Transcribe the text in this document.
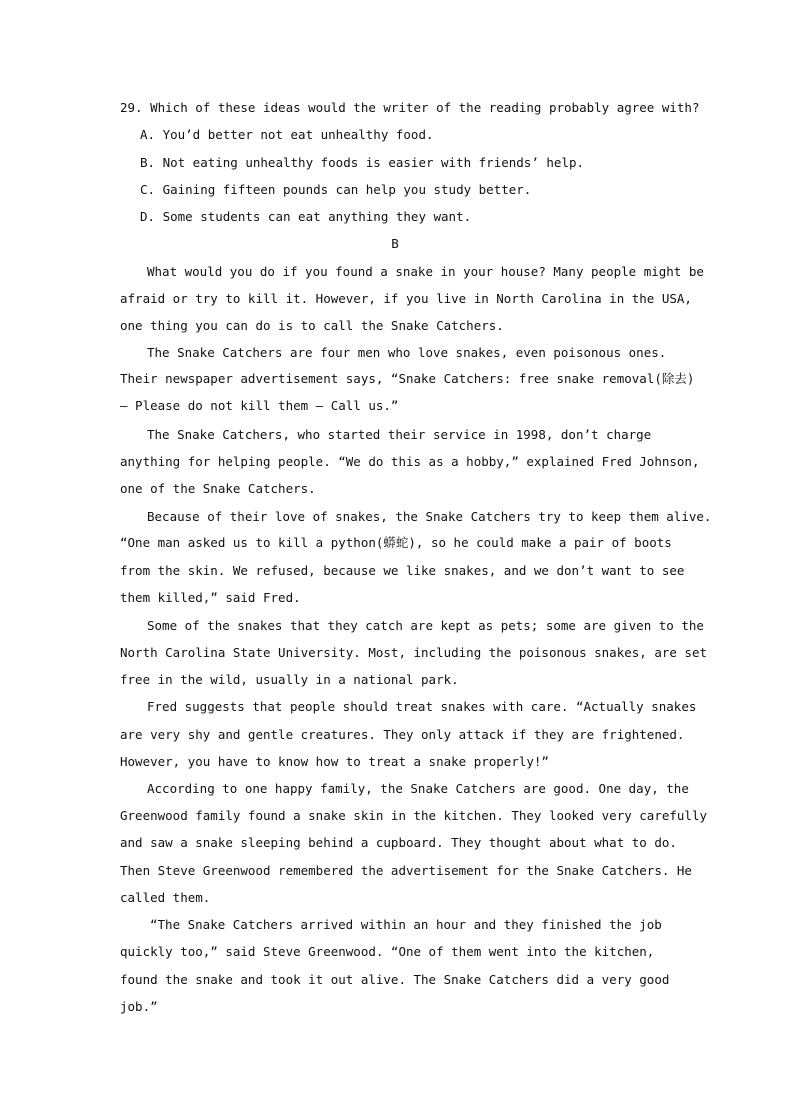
29. Which of these ideas would the writer of the reading probably agree with?
A. You’d better not eat unhealthy food.
B. Not eating unhealthy foods is easier with friends’ help.
C. Gaining fifteen pounds can help you study better.
D. Some students can eat anything they want.
B
What would you do if you found a snake in your house? Many people might be
afraid or try to kill it. However, if you live in North Carolina in the USA,
one thing you can do is to call the Snake Catchers.
The Snake Catchers are four men who love snakes, even poisonous ones.
Their newspaper advertisement says, “Snake Catchers: free snake removal(除去)
— Please do not kill them — Call us.”
The Snake Catchers, who started their service in 1998, don’t charge
anything for helping people. “We do this as a hobby,” explained Fred Johnson,
one of the Snake Catchers.
Because of their love of snakes, the Snake Catchers try to keep them alive.
“One man asked us to kill a python(蟒蛇), so he could make a pair of boots
from the skin. We refused, because we like snakes, and we don’t want to see
them killed,” said Fred.
Some of the snakes that they catch are kept as pets; some are given to the
North Carolina State University. Most, including the poisonous snakes, are set
free in the wild, usually in a national park.
Fred suggests that people should treat snakes with care. “Actually snakes
are very shy and gentle creatures. They only attack if they are frightened.
However, you have to know how to treat a snake properly!”
According to one happy family, the Snake Catchers are good. One day, the
Greenwood family found a snake skin in the kitchen. They looked very carefully
and saw a snake sleeping behind a cupboard. They thought about what to do.
Then Steve Greenwood remembered the advertisement for the Snake Catchers. He
called them.
“The Snake Catchers arrived within an hour and they finished the job
quickly too,” said Steve Greenwood. “One of them went into the kitchen,
found the snake and took it out alive. The Snake Catchers did a very good
job.”
